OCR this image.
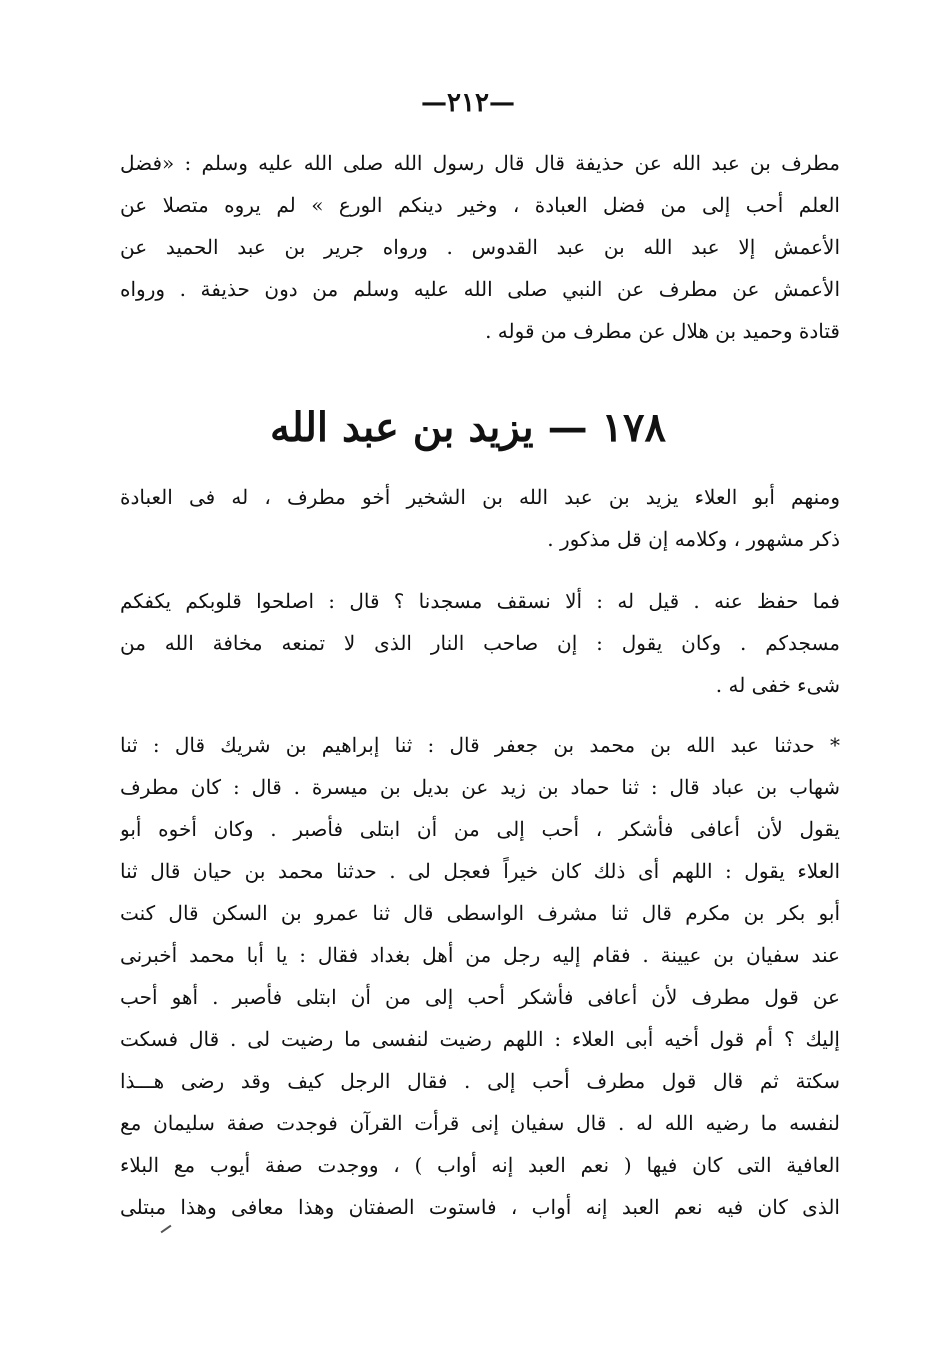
—٢١٢—
مطرف بن عبد الله عن حذيفة قال قال رسول الله صلى الله عليه وسلم : «فضل
العلم أحب إلى من فضل العبادة ، وخير دينكم الورع » لم يروه متصلا عن
الأعمش إلا عبد الله بن عبد القدوس . ورواه جرير بن عبد الحميد عن
الأعمش عن مطرف عن النبي صلى الله عليه وسلم من دون حذيفة . ورواه
قتادة وحميد بن هلال عن مطرف من قوله .
١٧٨ — يزيد بن عبد الله
ومنهم أبو العلاء يزيد بن عبد الله بن الشخير أخو مطرف ، له فى العبادة
ذكر مشهور ، وكلامه إن قل مذكور .
فما حفظ عنه . قيل له : ألا نسقف مسجدنا ؟ قال : اصلحوا قلوبكم يكفكم
مسجدكم . وكان يقول : إن صاحب النار الذى لا تمنعه مخافة الله من
شىء خفى له .
* حدثنا عبد الله بن محمد بن جعفر قال : ثنا إبراهيم بن شريك قال : ثنا
شهاب بن عباد قال : ثنا حماد بن زيد عن بديل بن ميسرة . قال : كان مطرف
يقول لأن أعافى فأشكر ، أحب إلى من أن ابتلى فأصبر . وكان أخوه أبو
العلاء يقول : اللهم أى ذلك كان خيراً فعجل لى . حدثنا محمد بن حيان قال ثنا
أبو بكر بن مكرم قال ثنا مشرف الواسطى قال ثنا عمرو بن السكن قال كنت
عند سفيان بن عيينة . فقام إليه رجل من أهل بغداد فقال : يا أبا محمد أخبرنى
عن قول مطرف لأن أعافى فأشكر أحب إلى من أن ابتلى فأصبر . أهو أحب
إليك ؟ أم قول أخيه أبى العلاء : اللهم رضيت لنفسى ما رضيت لى . قال فسكت
سكتة ثم قال قول مطرف أحب إلى . فقال الرجل كيف وقد رضى هـــذا
لنفسه ما رضيه الله له . قال سفيان إنى قرأت القرآن فوجدت صفة سليمان مع
العافية التى كان فيها ( نعم العبد إنه أواب ) ، ووجدت صفة أيوب مع البلاء
الذى كان فيه نعم العبد إنه أواب ، فاستوت الصفتان وهذا معافى وهذا مبتلى
